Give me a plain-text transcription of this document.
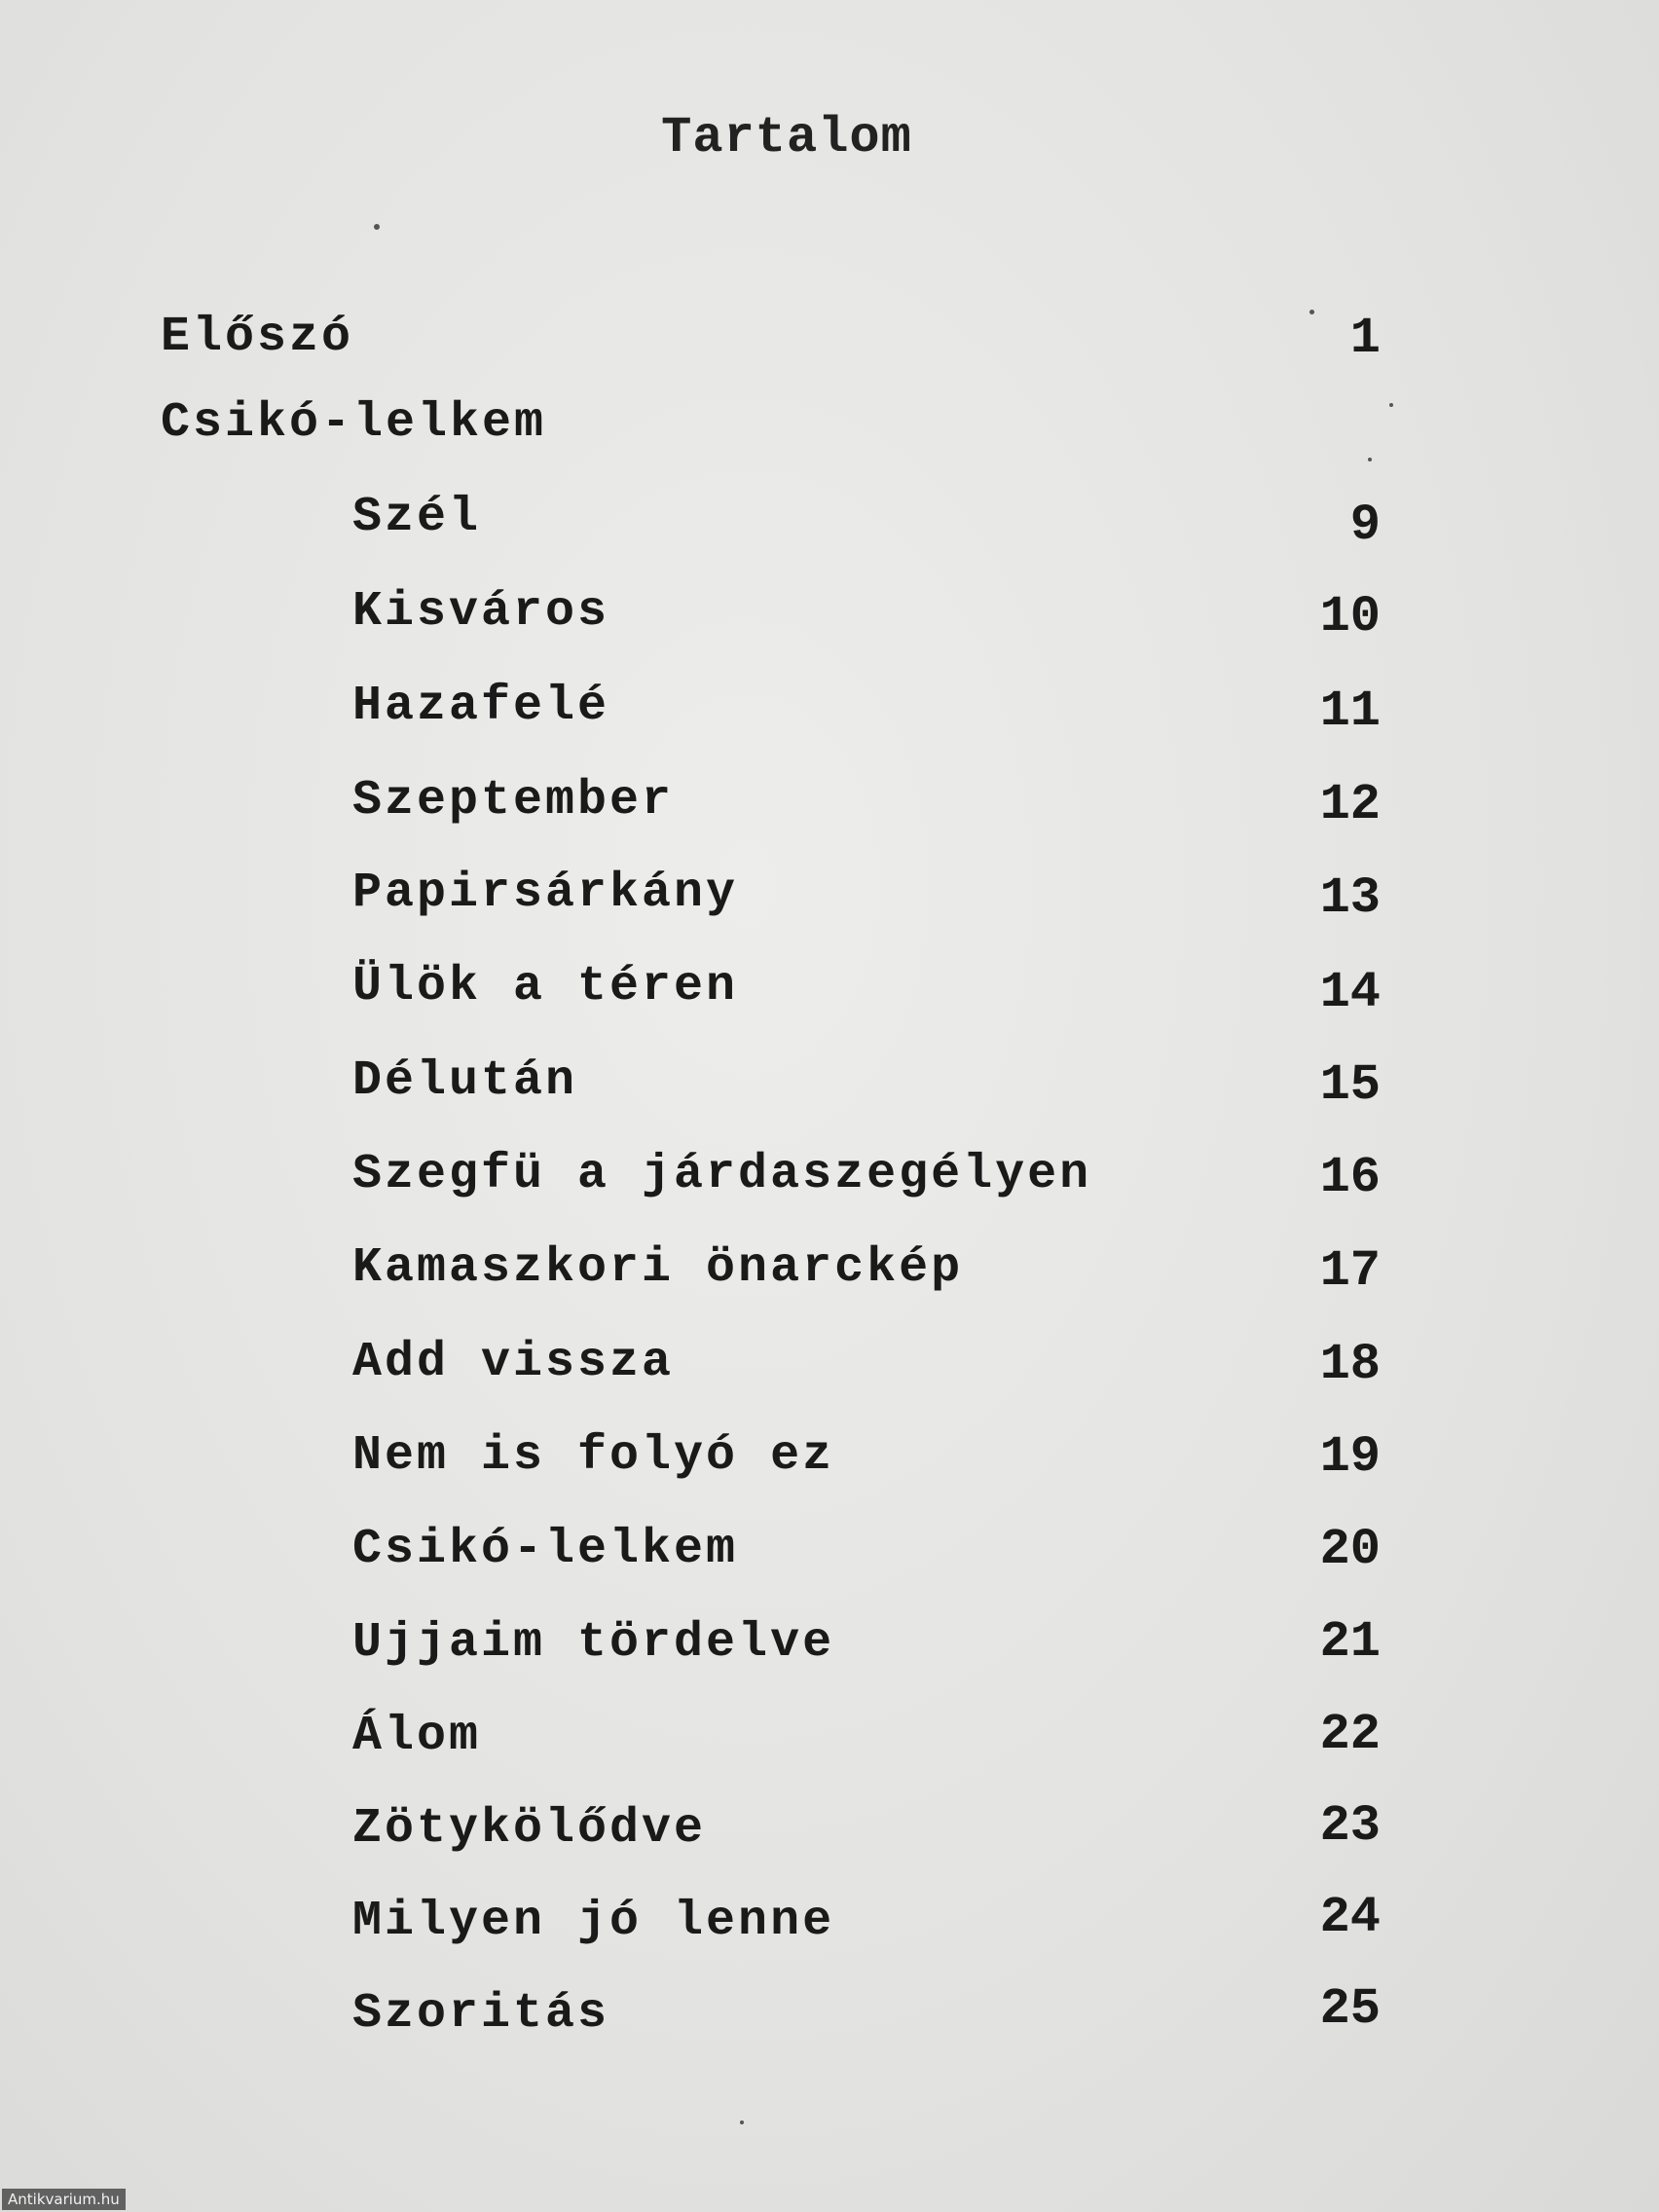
Tartalom
Előszó	1
Csikó-lelkem
Szél	9
Kisváros	10
Hazafelé	11
Szeptember	12
Papirsárkány	13
Ülök a téren	14
Délután	15
Szegfü a járdaszegélyen	16
Kamaszkori önarckép	17
Add vissza	18
Nem is folyó ez	19
Csikó-lelkem	20
Ujjaim tördelve	21
Álom	22
Zötykölődve	23
Milyen jó lenne	24
Szoritás	25
Antikvarium.hu
